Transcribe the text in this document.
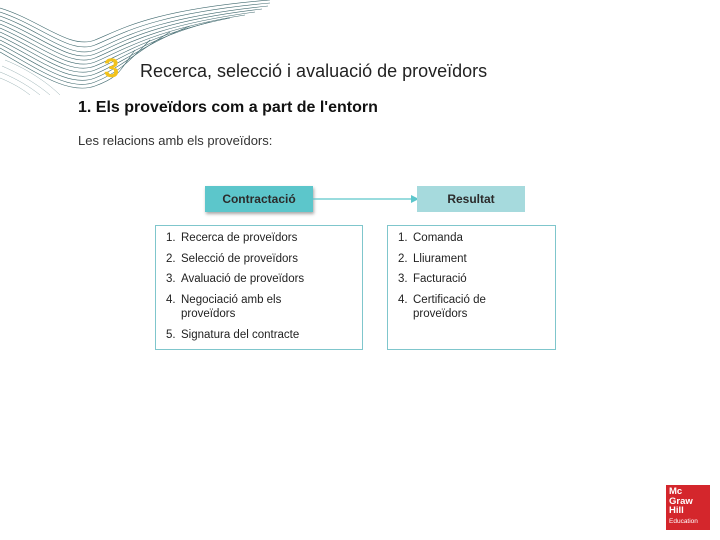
3 Recerca, selecció i avaluació de proveïdors
1. Els proveïdors com a part de l'entorn
Les relacions amb els proveïdors:
Contractació	Resultat
1. Recerca de proveïdors
2. Selecció de proveïdors
3. Avaluació de proveïdors
4. Negociació amb els proveïdors
5. Signatura del contracte
1. Comanda
2. Lliurament
3. Facturació
4. Certificació de proveïdors
Mc
Graw
Hill
Education
